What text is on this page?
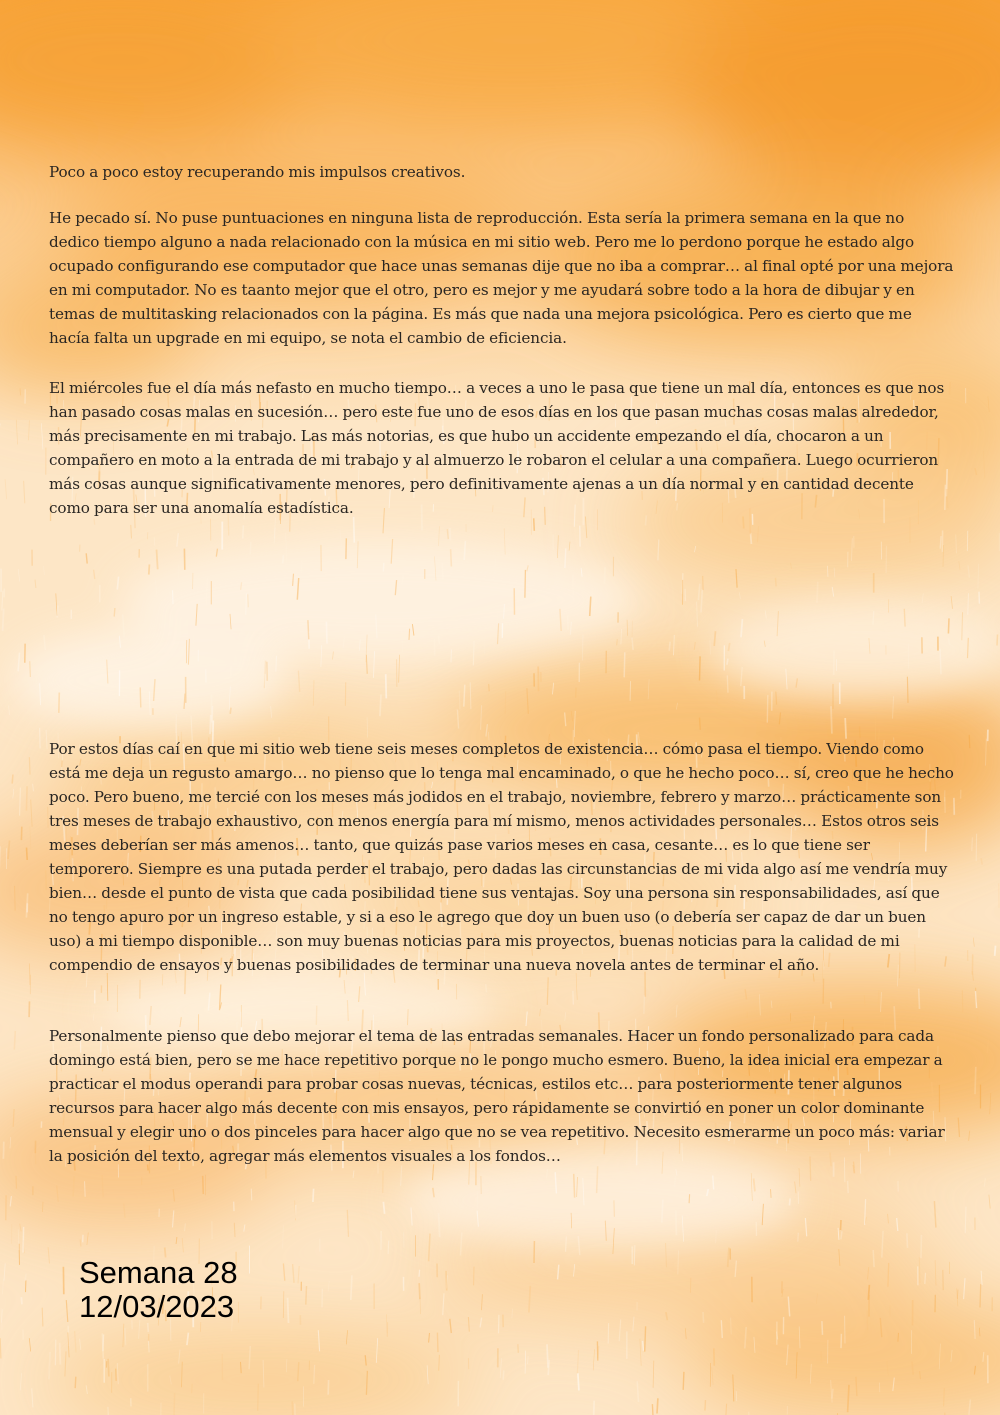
Poco a poco estoy recuperando mis impulsos creativos.

He pecado sí. No puse puntuaciones en ninguna lista de reproducción. Esta sería la primera semana en la que no dedico tiempo alguno a nada relacionado con la música en mi sitio web. Pero me lo perdono porque he estado algo ocupado configurando ese computador que hace unas semanas dije que no iba a comprar… al final opté por una mejora en mi computador. No es taanto mejor que el otro, pero es mejor y me ayudará sobre todo a la hora de dibujar y en temas de multitasking relacionados con la página. Es más que nada una mejora psicológica. Pero es cierto que me hacía falta un upgrade en mi equipo, se nota el cambio de eficiencia.

El miércoles fue el día más nefasto en mucho tiempo… a veces a uno le pasa que tiene un mal día, entonces es que nos han pasado cosas malas en sucesión… pero este fue uno de esos días en los que pasan muchas cosas malas alrededor, más precisamente en mi trabajo. Las más notorias, es que hubo un accidente empezando el día, chocaron a un compañero en moto a la entrada de mi trabajo y al almuerzo le robaron el celular a una compañera. Luego ocurrieron más cosas aunque significativamente menores, pero definitivamente ajenas a un día normal y en cantidad decente como para ser una anomalía estadística.

Por estos días caí en que mi sitio web tiene seis meses completos de existencia… cómo pasa el tiempo. Viendo como está me deja un regusto amargo… no pienso que lo tenga mal encaminado, o que he hecho poco… sí, creo que he hecho poco. Pero bueno, me tercié con los meses más jodidos en el trabajo, noviembre, febrero y marzo… prácticamente son tres meses de trabajo exhaustivo, con menos energía para mí mismo, menos actividades personales… Estos otros seis meses deberían ser más amenos… tanto, que quizás pase varios meses en casa, cesante… es lo que tiene ser temporero. Siempre es una putada perder el trabajo, pero dadas las circunstancias de mi vida algo así me vendría muy bien… desde el punto de vista que cada posibilidad tiene sus ventajas. Soy una persona sin responsabilidades, así que no tengo apuro por un ingreso estable, y si a eso le agrego que doy un buen uso (o debería ser capaz de dar un buen uso) a mi tiempo disponible… son muy buenas noticias para mis proyectos, buenas noticias para la calidad de mi compendio de ensayos y buenas posibilidades de terminar una nueva novela antes de terminar el año.

Personalmente pienso que debo mejorar el tema de las entradas semanales. Hacer un fondo personalizado para cada domingo está bien, pero se me hace repetitivo porque no le pongo mucho esmero. Bueno, la idea inicial era empezar a practicar el modus operandi para probar cosas nuevas, técnicas, estilos etc… para posteriormente tener algunos recursos para hacer algo más decente con mis ensayos, pero rápidamente se convirtió en poner un color dominante mensual y elegir uno o dos pinceles para hacer algo que no se vea repetitivo. Necesito esmerarme un poco más: variar la posición del texto, agregar más elementos visuales a los fondos…

Semana 28
12/03/2023
